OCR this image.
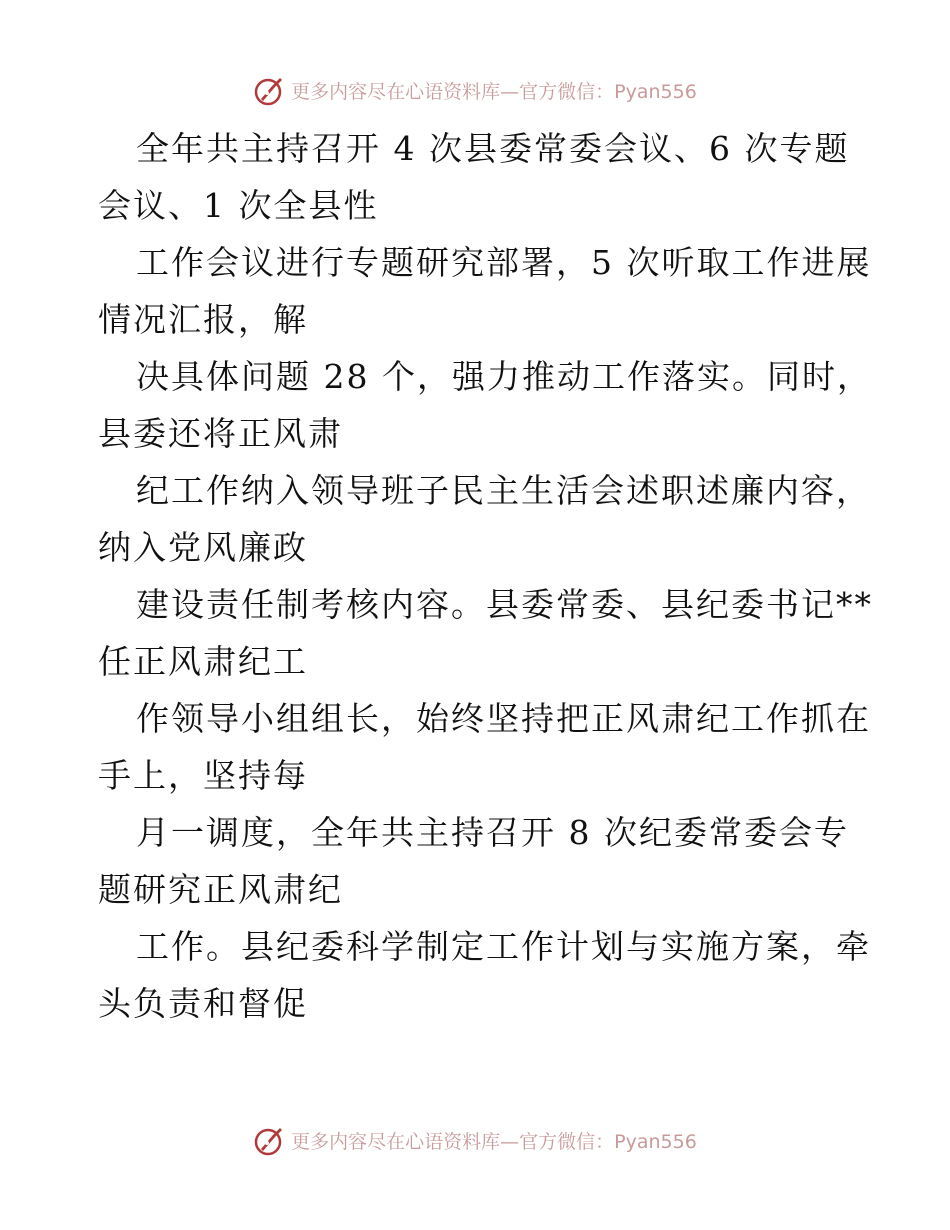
更多内容尽在心语资料库—官方微信：Pyan556
全年共主持召开 4 次县委常委会议、6 次专题
会议、1 次全县性
工作会议进行专题研究部署，5 次听取工作进展
情况汇报，解
决具体问题 28 个，强力推动工作落实。同时，
县委还将正风肃
纪工作纳入领导班子民主生活会述职述廉内容，
纳入党风廉政
建设责任制考核内容。县委常委、县纪委书记**
任正风肃纪工
作领导小组组长，始终坚持把正风肃纪工作抓在
手上，坚持每
月一调度，全年共主持召开 8 次纪委常委会专
题研究正风肃纪
工作。县纪委科学制定工作计划与实施方案，牵
头负责和督促
更多内容尽在心语资料库—官方微信：Pyan556
